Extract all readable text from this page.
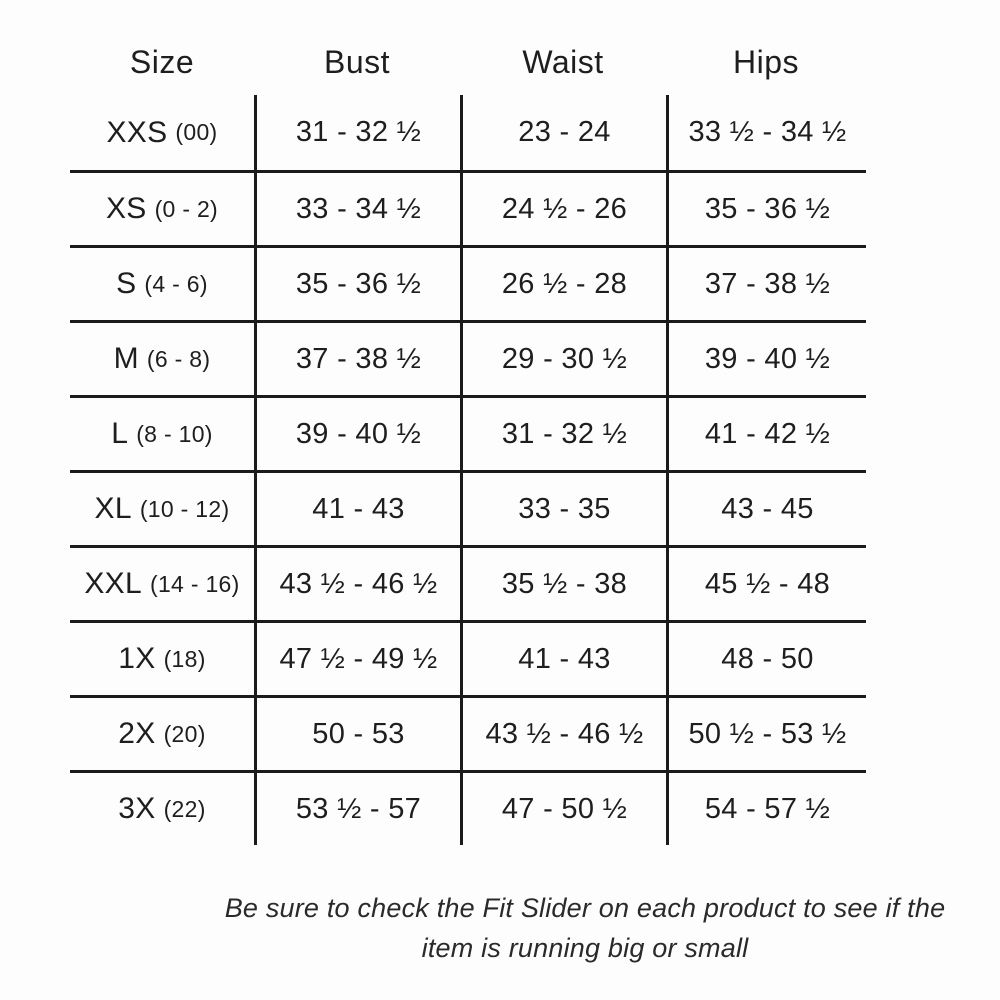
Size	Bust	Waist	Hips
XXS (00)	31 - 32 ½	23 - 24	33 ½ - 34 ½
XS (0 - 2)	33 - 34 ½	24 ½ - 26	35 - 36 ½
S (4 - 6)	35 - 36 ½	26 ½ - 28	37 - 38 ½
M (6 - 8)	37 - 38 ½	29 - 30 ½	39 - 40 ½
L (8 - 10)	39 - 40 ½	31 - 32 ½	41 - 42 ½
XL (10 - 12)	41 - 43	33 - 35	43 - 45
XXL (14 - 16)	43 ½ - 46 ½	35 ½ - 38	45 ½ - 48
1X (18)	47 ½ - 49 ½	41 - 43	48 - 50
2X (20)	50 - 53	43 ½ - 46 ½	50 ½ - 53 ½
3X (22)	53 ½ - 57	47 - 50 ½	54 - 57 ½
Be sure to check the Fit Slider on each product to see if the
item is running big or small
